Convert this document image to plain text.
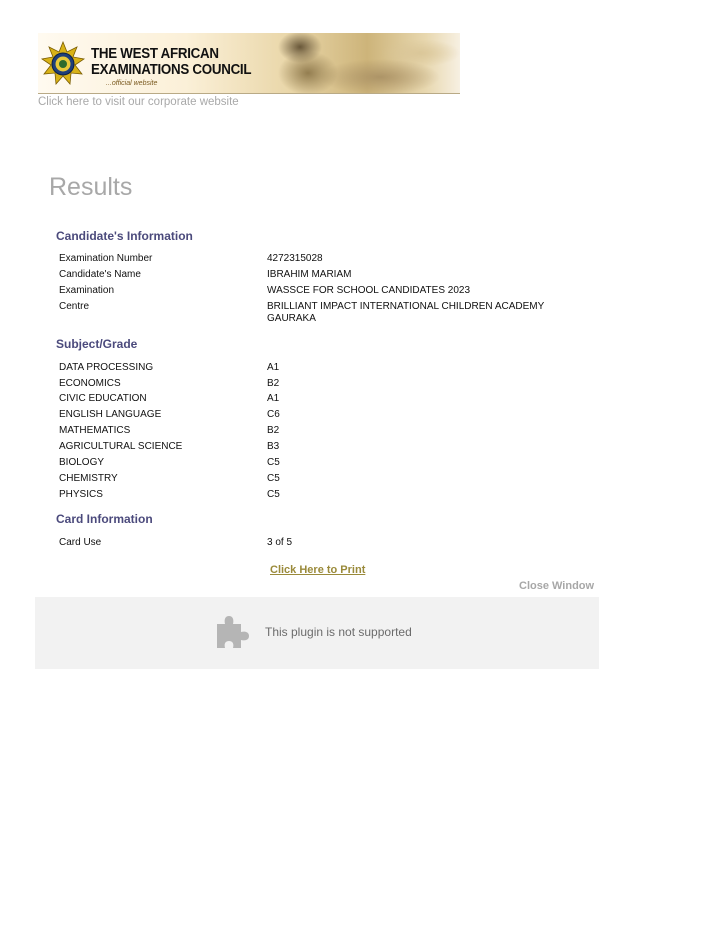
THE WEST AFRICAN
EXAMINATIONS COUNCIL
...official website
Click here to visit our corporate website
Results
Candidate's Information
Examination Number	4272315028
Candidate's Name	IBRAHIM MARIAM
Examination	WASSCE FOR SCHOOL CANDIDATES 2023
Centre	BRILLIANT IMPACT INTERNATIONAL CHILDREN ACADEMY
GAURAKA
Subject/Grade
DATA PROCESSING	A1
ECONOMICS	B2
CIVIC EDUCATION	A1
ENGLISH LANGUAGE	C6
MATHEMATICS	B2
AGRICULTURAL SCIENCE	B3
BIOLOGY	C5
CHEMISTRY	C5
PHYSICS	C5
Card Information
Card Use	3 of 5
Click Here to Print
Close Window
This plugin is not supported
